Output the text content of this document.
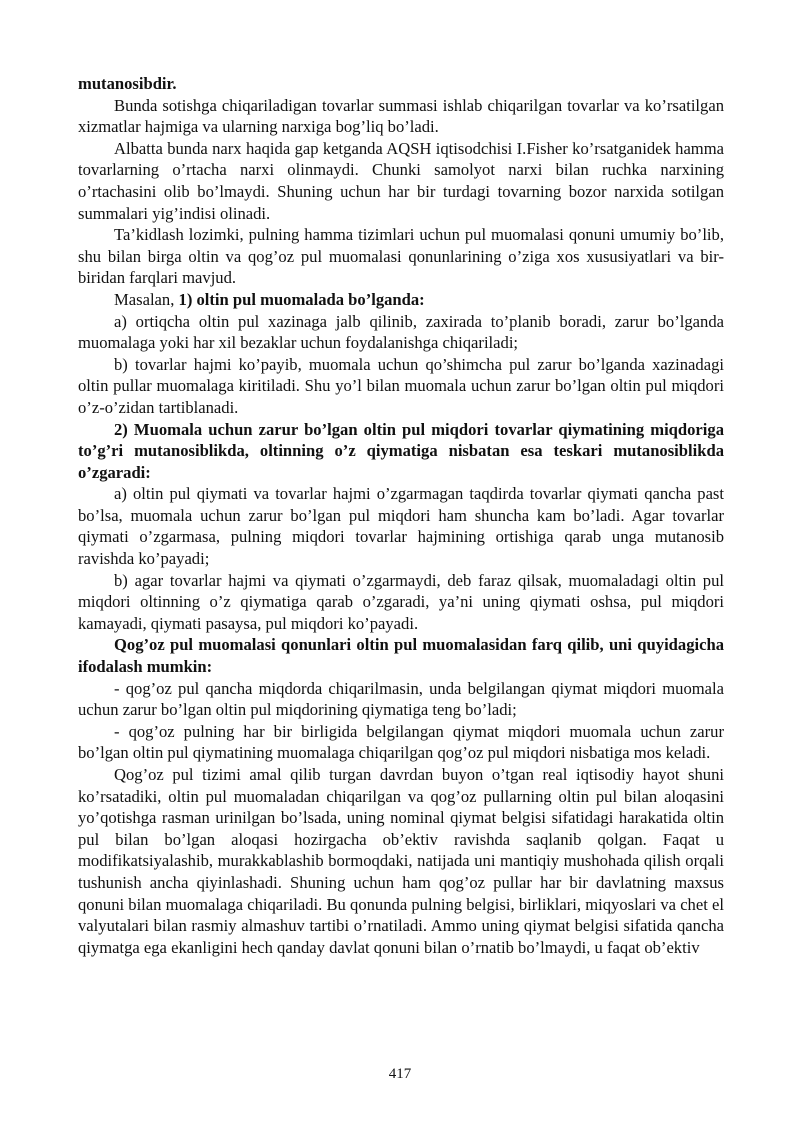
mutanosibdir.

Bunda sotishga chiqariladigan tovarlar summasi ishlab chiqarilgan tovarlar va ko’rsatilgan xizmatlar hajmiga va ularning narxiga bog’liq bo’ladi.

Albatta bunda narx haqida gap ketganda AQSH iqtisodchisi I.Fisher ko’rsatganidek hamma tovarlarning o’rtacha narxi olinmaydi. Chunki samolyot narxi bilan ruchka narxining o’rtachasini olib bo’lmaydi. Shuning uchun har bir turdagi tovarning bozor narxida sotilgan summalari yig’indisi olinadi.

Ta’kidlash lozimki, pulning hamma tizimlari uchun pul muomalasi qonuni umumiy bo’lib, shu bilan birga oltin va qog’oz pul muomalasi qonunlarining o’ziga xos xususiyatlari va bir-biridan farqlari mavjud.

Masalan, 1) oltin pul muomalada bo’lganda:

a) ortiqcha oltin pul xazinaga jalb qilinib, zaxirada to’planib boradi, zarur bo’lganda muomalaga yoki har xil bezaklar uchun foydalanishga chiqariladi;

b) tovarlar hajmi ko’payib, muomala uchun qo’shimcha pul zarur bo’lganda xazinadagi oltin pullar muomalaga kiritiladi. Shu yo’l bilan muomala uchun zarur bo’lgan oltin pul miqdori o’z-o’zidan tartiblanadi.

2) Muomala uchun zarur bo’lgan oltin pul miqdori tovarlar qiymatining miqdoriga to’g’ri mutanosiblikda, oltinning o’z qiymatiga nisbatan esa teskari mutanosiblikda o’zgaradi:

a) oltin pul qiymati va tovarlar hajmi o’zgarmagan taqdirda tovarlar qiymati qancha past bo’lsa, muomala uchun zarur bo’lgan pul miqdori ham shuncha kam bo’ladi. Agar tovarlar qiymati o’zgarmasa, pulning miqdori tovarlar hajmining ortishiga qarab unga mutanosib ravishda ko’payadi;

b) agar tovarlar hajmi va qiymati o’zgarmaydi, deb faraz qilsak, muomaladagi oltin pul miqdori oltinning o’z qiymatiga qarab o’zgaradi, ya’ni uning qiymati oshsa, pul miqdori kamayadi, qiymati pasaysa, pul miqdori ko’payadi.

Qog’oz pul muomalasi qonunlari oltin pul muomalasidan farq qilib, uni quyidagicha ifodalash mumkin:

- qog’oz pul qancha miqdorda chiqarilmasin, unda belgilangan qiymat miqdori muomala uchun zarur bo’lgan oltin pul miqdorining qiymatiga teng bo’ladi;

- qog’oz pulning har bir birligida belgilangan qiymat miqdori muomala uchun zarur bo’lgan oltin pul qiymatining muomalaga chiqarilgan qog’oz pul miqdori nisbatiga mos keladi.

Qog’oz pul tizimi amal qilib turgan davrdan buyon o’tgan real iqtisodiy hayot shuni ko’rsatadiki, oltin pul muomaladan chiqarilgan va qog’oz pullarning oltin pul bilan aloqasini yo’qotishga rasman urinilgan bo’lsada, uning nominal qiymat belgisi sifatidagi harakatida oltin pul bilan bo’lgan aloqasi hozirgacha ob’ektiv ravishda saqlanib qolgan. Faqat u modifikatsiyalashib, murakkablashib bormoqdaki, natijada uni mantiqiy mushohada qilish orqali tushunish ancha qiyinlashadi. Shuning uchun ham qog’oz pullar har bir davlatning maxsus qonuni bilan muomalaga chiqariladi. Bu qonunda pulning belgisi, birliklari, miqyoslari va chet el valyutalari bilan rasmiy almashuv tartibi o’rnatiladi. Ammo uning qiymat belgisi sifatida qancha qiymatga ega ekanligini hech qanday davlat qonuni bilan o’rnatib bo’lmaydi, u faqat ob’ektiv

417
